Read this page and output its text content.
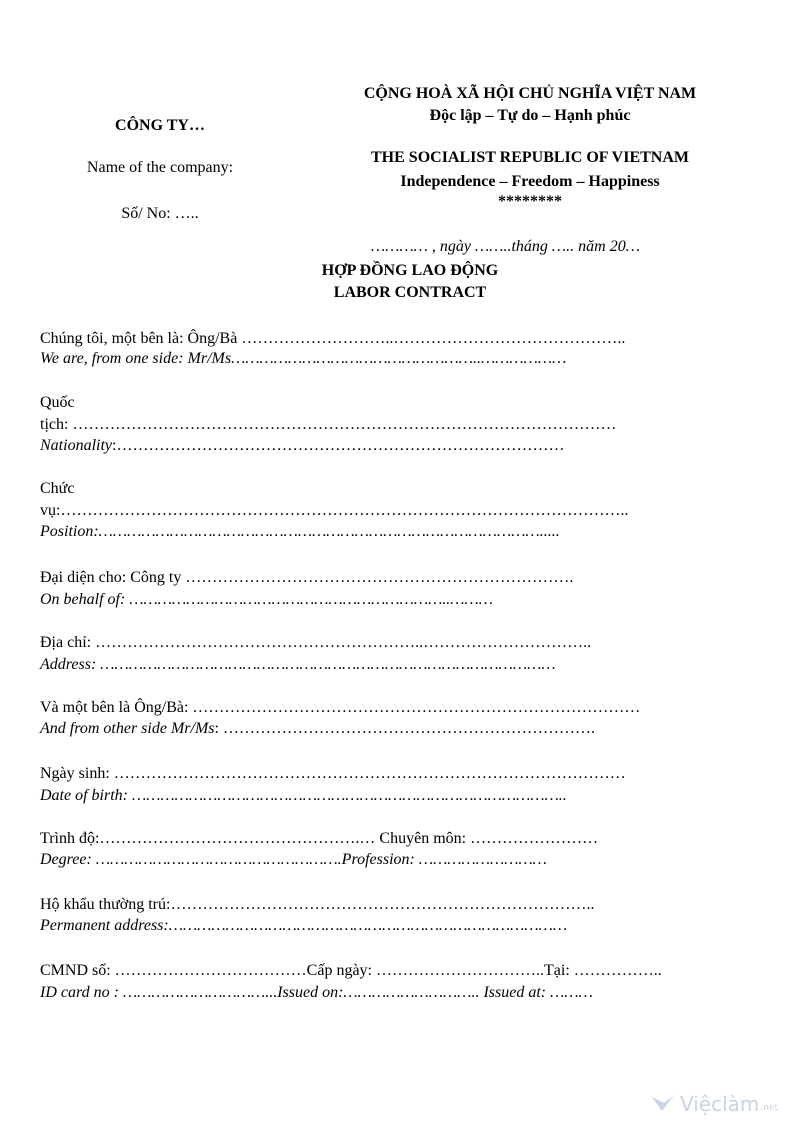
CÔNG TY…
Name of the company:
Số/ No: …..
CỘNG HOÀ XÃ HỘI CHỦ NGHĨA VIỆT NAM
Độc lập – Tự do – Hạnh phúc
THE SOCIALIST REPUBLIC OF VIETNAM
Independence – Freedom – Happiness
********
………… , ngày ……..tháng ….. năm 20…
HỢP ĐỒNG LAO ĐỘNG
LABOR CONTRACT
Chúng tôi, một bên là: Ông/Bà ………………………..……………………………………..
We are, from one side: Mr/Ms……………………………………………..………………
Quốc
tịch: …………………………………………………………………………………………
Nationality:…………………………………………………………………………
Chức
vụ:……………………………………………………………………………………………..
Position:………………………………………………………………………………….....
Đại diện cho: Công ty ……………………………………………………………….
On behalf of: …………………………………………………………..………
Địa chỉ: ……………………………………………………..…………………………..
Address: ……………………………………………………………………………………
Và một bên là Ông/Bà: …………………………………………………………………………
And from other side Mr/Ms: …………………………………………………………….
Ngày sinh: ……………………………………………………………………………………
Date of birth: ………………………………………………………………………………..
Trình độ:………………………………………….… Chuyên môn: ……………………
Degree: …………………………………………….Profession: ………………………
Hộ khẩu thường trú:……………………………………………………………………..
Permanent address:…………………………………………………………………………
CMND số: ………………………………Cấp ngày: …………………………..Tại: ……………..
ID card no : …………………………...Issued on:……………………….. Issued at: ………
Việclàm .net
